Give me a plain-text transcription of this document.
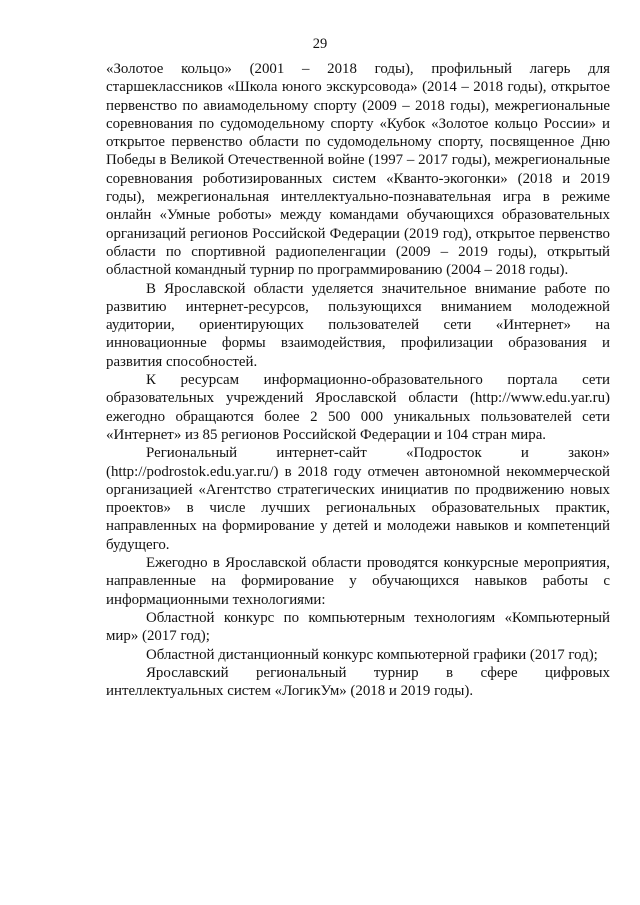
29

«Золотое кольцо» (2001 – 2018 годы), профильный лагерь для старшеклассников «Школа юного экскурсовода» (2014 – 2018 годы), открытое первенство по авиамодельному спорту (2009 – 2018 годы), межрегиональные соревнования по судомодельному спорту «Кубок «Золотое кольцо России» и открытое первенство области по судомодельному спорту, посвященное Дню Победы в Великой Отечественной войне (1997 – 2017 годы), межрегиональные соревнования роботизированных систем «Кванто-экогонки» (2018 и 2019 годы), межрегиональная интеллектуально-познавательная игра в режиме онлайн «Умные роботы» между командами обучающихся образовательных организаций регионов Российской Федерации (2019 год), открытое первенство области по спортивной радиопеленгации (2009 – 2019 годы), открытый областной командный турнир по программированию (2004 – 2018 годы).

В Ярославской области уделяется значительное внимание работе по развитию интернет-ресурсов, пользующихся вниманием молодежной аудитории, ориентирующих пользователей сети «Интернет» на инновационные формы взаимодействия, профилизации образования и развития способностей.

К ресурсам информационно-образовательного портала сети образовательных учреждений Ярославской области (http://www.edu.yar.ru) ежегодно обращаются более 2 500 000 уникальных пользователей сети «Интернет» из 85 регионов Российской Федерации и 104 стран мира.

Региональный интернет-сайт «Подросток и закон» (http://podrostok.edu.yar.ru/) в 2018 году отмечен автономной некоммерческой организацией «Агентство стратегических инициатив по продвижению новых проектов» в числе лучших региональных образовательных практик, направленных на формирование у детей и молодежи навыков и компетенций будущего.

Ежегодно в Ярославской области проводятся конкурсные мероприятия, направленные на формирование у обучающихся навыков работы с информационными технологиями:

Областной конкурс по компьютерным технологиям «Компьютерный мир» (2017 год);

Областной дистанционный конкурс компьютерной графики (2017 год);

Ярославский региональный турнир в сфере цифровых интеллектуальных систем «ЛогикУм» (2018 и 2019 годы).
